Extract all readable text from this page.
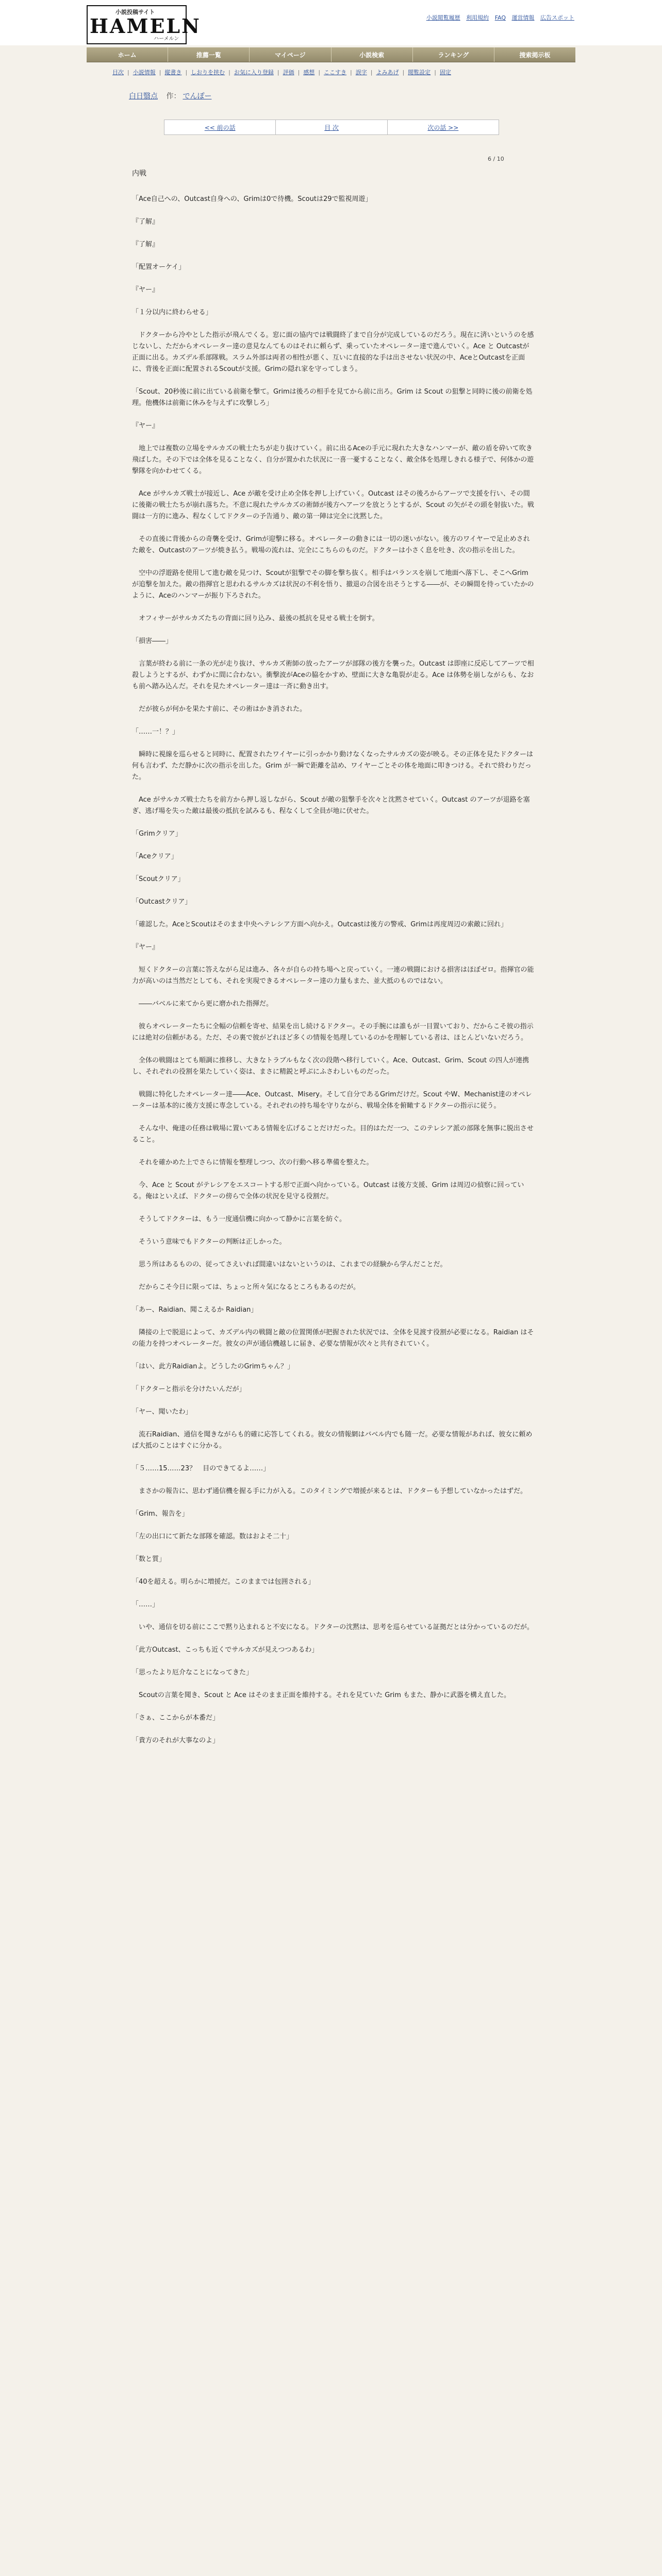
小説投稿サイト
HAMELN
ハーメルン
小説閲覧履歴 利用規約 FAQ 運営情報 広告スポット
ホーム	推薦一覧	マイページ	小説検索	ランキング	捜索掲示板
目次 | 小説情報 | 縦書き | しおりを挟む | お気に入り登録 | 評価 | 感想 | ここすき | 誤字 | よみあげ | 閲覧設定 | 固定
白日翳点 作： でんぽー
<< 前の話	目 次	次の話 >>
6 / 10
内戦

「Ace自己への、Outcast自身への、Grimは0で待機。Scoutは29で監視周遊」

『了解』

『了解』

「配置オーケイ」

『ヤー』

「１分以内に終わらせる」

　ドクターから冷やとした指示が飛んでくる。窓に面の協内では戦闘終了まで自分が完成しているのだろう。現在に済いというのを感じないし、ただからオペレーター達の意見なんてものはそれに頼らず、乗っていたオペレーター達で進んでいく。Ace と Outcastが正面に出る。カズデル系部隊戦。スラム外部は両者の相性が悪く、互いに直接的な手は出させない状況の中、AceとOutcastを正面に、背後を正面に配置されるScoutが支援。Grimの隠れ家を守ってしまう。

「Scout、20秒後に前に出ている前衛を撃て。Grimは後ろの相手を見てから前に出ろ。Grim は Scout の狙撃と同時に後の前衛を処理。他機体は前衛に休みを与えずに攻撃しろ」

『ヤー』

　地上では複数の立場をサルカズの戦士たちが走り抜けていく。前に出るAceの手元に現れた大きなハンマーが、敵の盾を砕いて吹き飛ばした。その下では全体を見ることなく、自分が置かれた状況に一喜一憂することなく、敵全体を処理しきれる様子で、何体かの遊撃隊を向かわせてくる。

　Ace がサルカズ戦士が接近し、Ace が敵を受け止め全体を押し上げていく。Outcast はその後ろからアーツで支援を行い、その間に後衛の戦士たちが崩れ落ちた。不意に現れたサルカズの術師が後方へアーツを放とうとするが、Scout の矢がその頭を射抜いた。戦闘は一方的に進み、程なくしてドクターの予告通り、敵の第一陣は完全に沈黙した。

　その直後に背後からの奇襲を受け、Grimが迎撃に移る。オペレーターの動きには一切の迷いがない。後方のワイヤーで足止めされた敵を、Outcastのアーツが焼き払う。戦場の流れは、完全にこちらのものだ。ドクターは小さく息を吐き、次の指示を出した。

　空中の浮遊路を使用して進む敵を見つけ、Scoutが狙撃でその脚を撃ち抜く。相手はバランスを崩して地面へ落下し、そこへGrimが追撃を加えた。敵の指揮官と思われるサルカズは状況の不利を悟り、撤退の合図を出そうとする――が、その瞬間を待っていたかのように、Aceのハンマーが振り下ろされた。

　オフィサーがサルカズたちの背面に回り込み、最後の抵抗を見せる戦士を倒す。

「損害――」

　言葉が終わる前に一条の光が走り抜け、サルカズ術師の放ったアーツが部隊の後方を襲った。Outcast は即座に反応してアーツで相殺しようとするが、わずかに間に合わない。衝撃波がAceの脇をかすめ、壁面に大きな亀裂が走る。Ace は体勢を崩しながらも、なおも前へ踏み込んだ。それを見たオペレーター達は一斉に動き出す。

　だが彼らが何かを果たす前に、その術はかき消された。

「……一！？」

　瞬時に視線を巡らせると同時に、配置されたワイヤーに引っかかり動けなくなったサルカズの姿が映る。その正体を見たドクターは何も言わず、ただ静かに次の指示を出した。Grim が一瞬で距離を詰め、ワイヤーごとその体を地面に叩きつける。それで終わりだった。

　Ace がサルカズ戦士たちを前方から押し返しながら、Scout が敵の狙撃手を次々と沈黙させていく。Outcast のアーツが退路を塞ぎ、逃げ場を失った敵は最後の抵抗を試みるも、程なくして全員が地に伏せた。

「Grimクリア」

「Aceクリア」

「Scoutクリア」

「Outcastクリア」

「確認した。AceとScoutはそのまま中央ヘテレシア方面へ向かえ。Outcastは後方の警戒、Grimは再度周辺の索敵に回れ」

『ヤー』

　短くドクターの言葉に答えながら足は進み、各々が自らの持ち場へと戻っていく。一連の戦闘における損害はほぼゼロ。指揮官の能力が高いのは当然だとしても、それを実現できるオペレーター達の力量もまた、並大抵のものではない。

　――バベルに来てから更に磨かれた指揮だ。

　彼らオペレーターたちに全幅の信頼を寄せ、結果を出し続けるドクター。その手腕には誰もが一目置いており、だからこそ彼の指示には絶対の信頼がある。ただ、その裏で彼がどれほど多くの情報を処理しているのかを理解している者は、ほとんどいないだろう。

　全体の戦闘はとても順調に推移し、大きなトラブルもなく次の段階へ移行していく。Ace、Outcast、Grim、Scout の四人が連携し、それぞれの役割を果たしていく姿は、まさに精鋭と呼ぶにふさわしいものだった。

　戦闘に特化したオペレーター達――Ace、Outcast、Misery。そして自分であるGrimだけだ。Scout やW、Mechanist達のオペレーターは基本的に後方支援に専念している。それぞれの持ち場を守りながら、戦場全体を俯瞰するドクターの指示に従う。

　そんな中、俺達の任務は戦場に置いてある情報を広げることだけだった。目的はただ一つ、このテレシア派の部隊を無事に脱出させること。

　それを確かめた上でさらに情報を整理しつつ、次の行動へ移る準備を整えた。

　今、Ace と Scout がテレシアをエスコートする形で正面へ向かっている。Outcast は後方支援、Grim は周辺の偵察に回っている。俺はといえば、ドクターの傍らで全体の状況を見守る役割だ。

　そうしてドクターは、もう一度通信機に向かって静かに言葉を紡ぐ。

　そういう意味でもドクターの判断は正しかった。

　思う所はあるものの、従ってさえいれば間違いはないというのは、これまでの経験から学んだことだ。

　だからこそ今日に限っては、ちょっと所々気になるところもあるのだが。

「あー、Raidian、聞こえるか Raidian」

　隣接の上で脱退によって、カズデル内の戦闘と敵の位置関係が把握された状況では、全体を見渡す役割が必要になる。Raidian はその能力を持つオペレーターだ。彼女の声が通信機越しに届き、必要な情報が次々と共有されていく。

「はい、此方Raidianよ。どうしたのGrimちゃん？」

「ドクターと指示を分けたいんだが」

「ヤー、聞いたわ」

　流石Raidian、通信を聞きながらも的確に応答してくれる。彼女の情報網はバベル内でも随一だ。必要な情報があれば、彼女に頼めば大抵のことはすぐに分かる。

「５……15……23？　目のできてるよ……」

　まさかの報告に、思わず通信機を握る手に力が入る。このタイミングで増援が来るとは、ドクターも予想していなかったはずだ。

「Grim、報告を」

「左の出口にて新たな部隊を確認。数はおよそ二十」

「数と質」

「40を超える。明らかに増援だ。このままでは包囲される」

「……」

　いや、通信を切る前にここで黙り込まれると不安になる。ドクターの沈黙は、思考を巡らせている証拠だとは分かっているのだが。

「此方Outcast、こっちも近くでサルカズが見えつつあるわ」

「思ったより厄介なことになってきた」

　Scoutの言葉を聞き、Scout と Ace はそのまま正面を維持する。それを見ていた Grim もまた、静かに武器を構え直した。

「さぁ、ここからが本番だ」

「貴方のそれが大事なのよ」
